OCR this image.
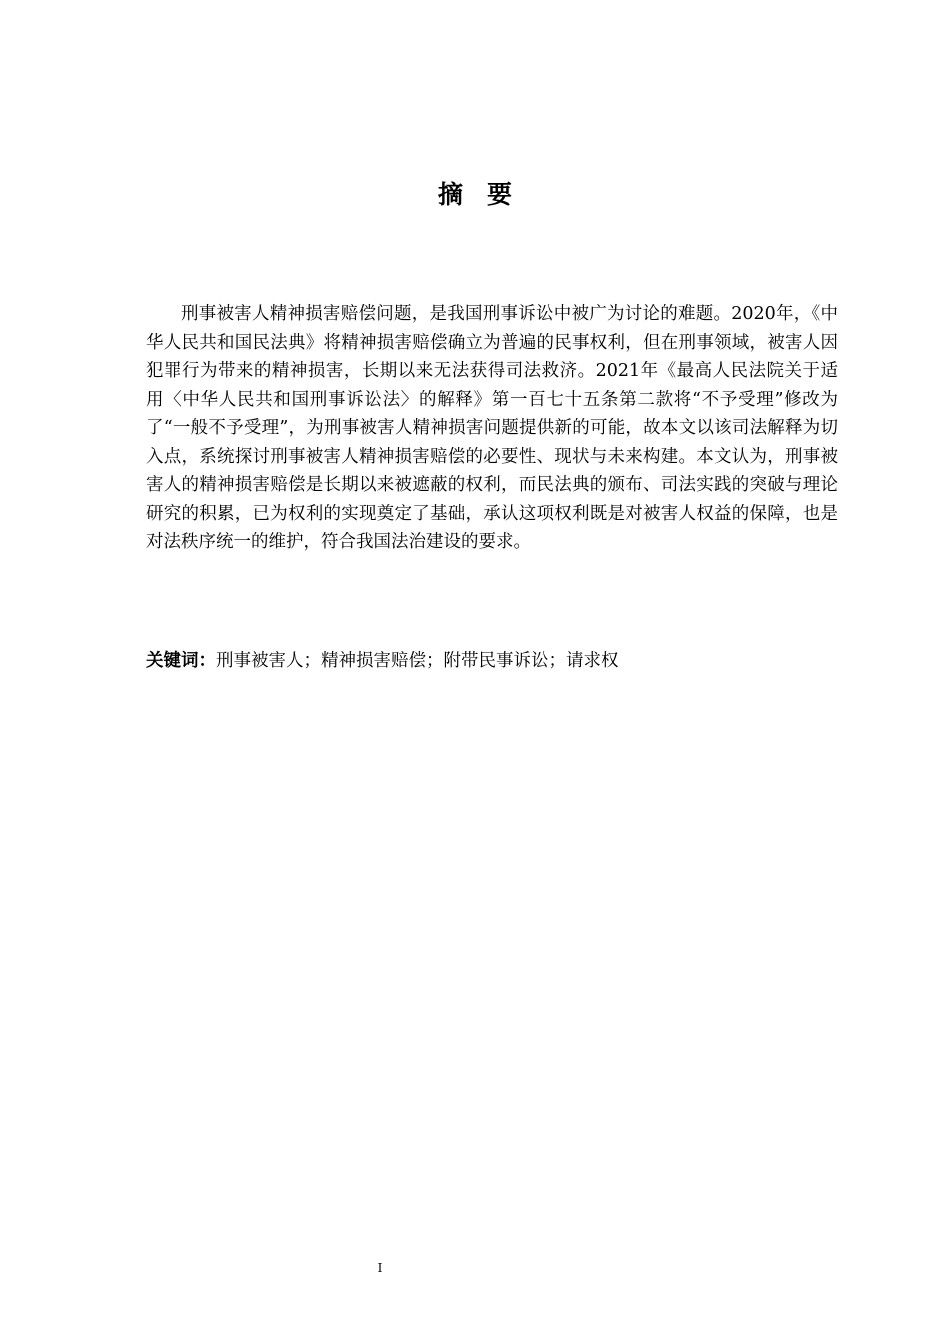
摘要

刑事被害人精神损害赔偿问题，是我国刑事诉讼中被广为讨论的难题。2020年，《中华人民共和国民法典》将精神损害赔偿确立为普遍的民事权利，但在刑事领域，被害人因犯罪行为带来的精神损害，长期以来无法获得司法救济。2021年《最高人民法院关于适用〈中华人民共和国刑事诉讼法〉的解释》第一百七十五条第二款将“不予受理”修改为了“一般不予受理”，为刑事被害人精神损害问题提供新的可能，故本文以该司法解释为切入点，系统探讨刑事被害人精神损害赔偿的必要性、现状与未来构建。本文认为，刑事被害人的精神损害赔偿是长期以来被遮蔽的权利，而民法典的颁布、司法实践的突破与理论研究的积累，已为权利的实现奠定了基础，承认这项权利既是对被害人权益的保障，也是对法秩序统一的维护，符合我国法治建设的要求。

关键词：刑事被害人；精神损害赔偿；附带民事诉讼；请求权

I
